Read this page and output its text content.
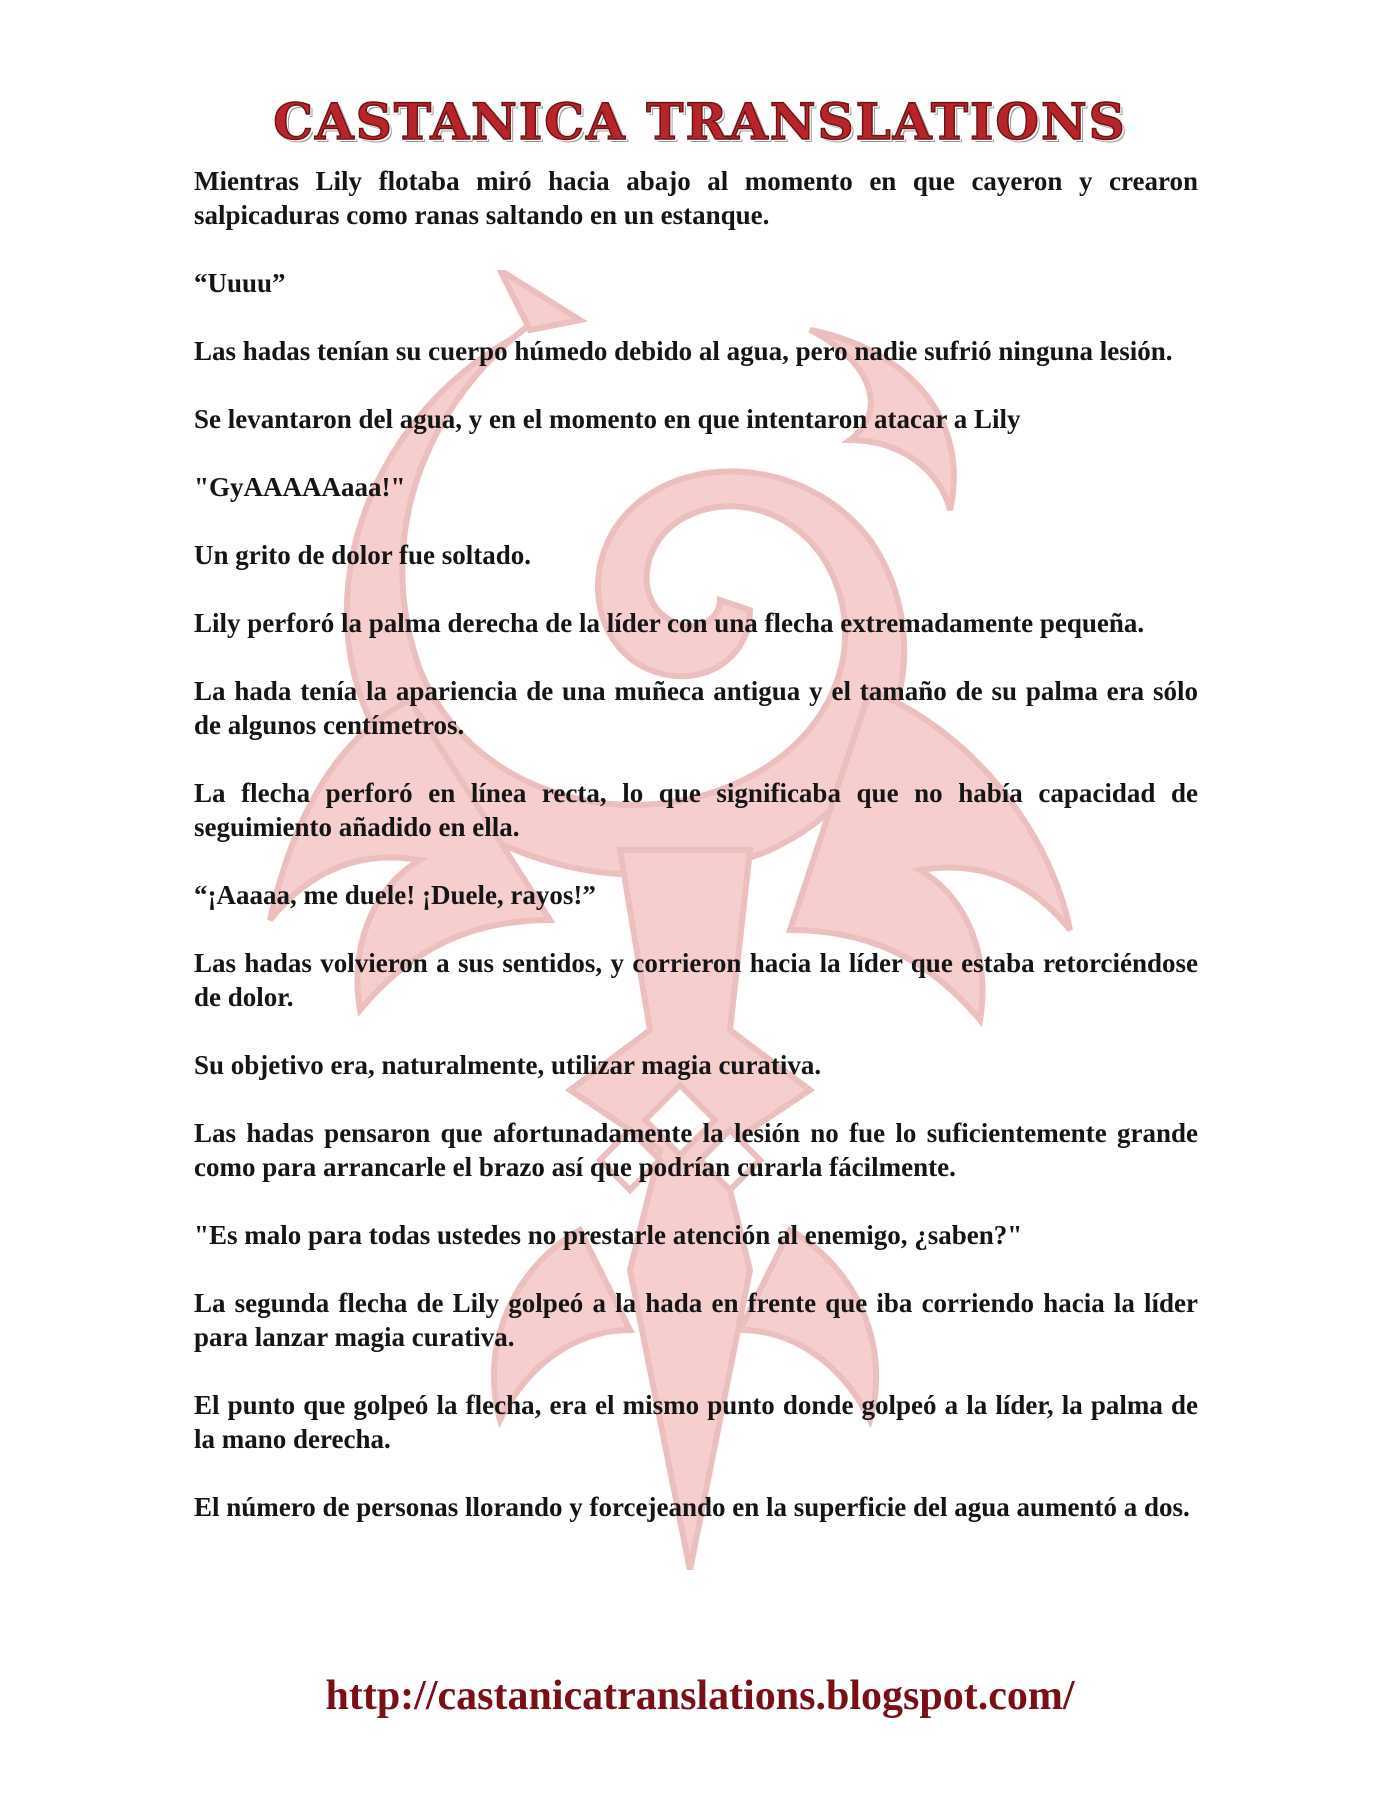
CASTANICA TRANSLATIONS

Mientras Lily flotaba miró hacia abajo al momento en que cayeron y crearon salpicaduras como ranas saltando en un estanque.

“Uuuu”

Las hadas tenían su cuerpo húmedo debido al agua, pero nadie sufrió ninguna lesión.

Se levantaron del agua, y en el momento en que intentaron atacar a Lily

"GyAAAAAaaa!"

Un grito de dolor fue soltado.

Lily perforó la palma derecha de la líder con una flecha extremadamente pequeña.

La hada tenía la apariencia de una muñeca antigua y el tamaño de su palma era sólo de algunos centímetros.

La flecha perforó en línea recta, lo que significaba que no había capacidad de seguimiento añadido en ella.

“¡Aaaaa, me duele! ¡Duele, rayos!”

Las hadas volvieron a sus sentidos, y corrieron hacia la líder que estaba retorciéndose de dolor.

Su objetivo era, naturalmente, utilizar magia curativa.

Las hadas pensaron que afortunadamente la lesión no fue lo suficientemente grande como para arrancarle el brazo así que podrían curarla fácilmente.

"Es malo para todas ustedes no prestarle atención al enemigo, ¿saben?"

La segunda flecha de Lily golpeó a la hada en frente que iba corriendo hacia la líder para lanzar magia curativa.

El punto que golpeó la flecha, era el mismo punto donde golpeó a la líder, la palma de la mano derecha.

El número de personas llorando y forcejeando en la superficie del agua aumentó a dos.

http://castanicatranslations.blogspot.com/
